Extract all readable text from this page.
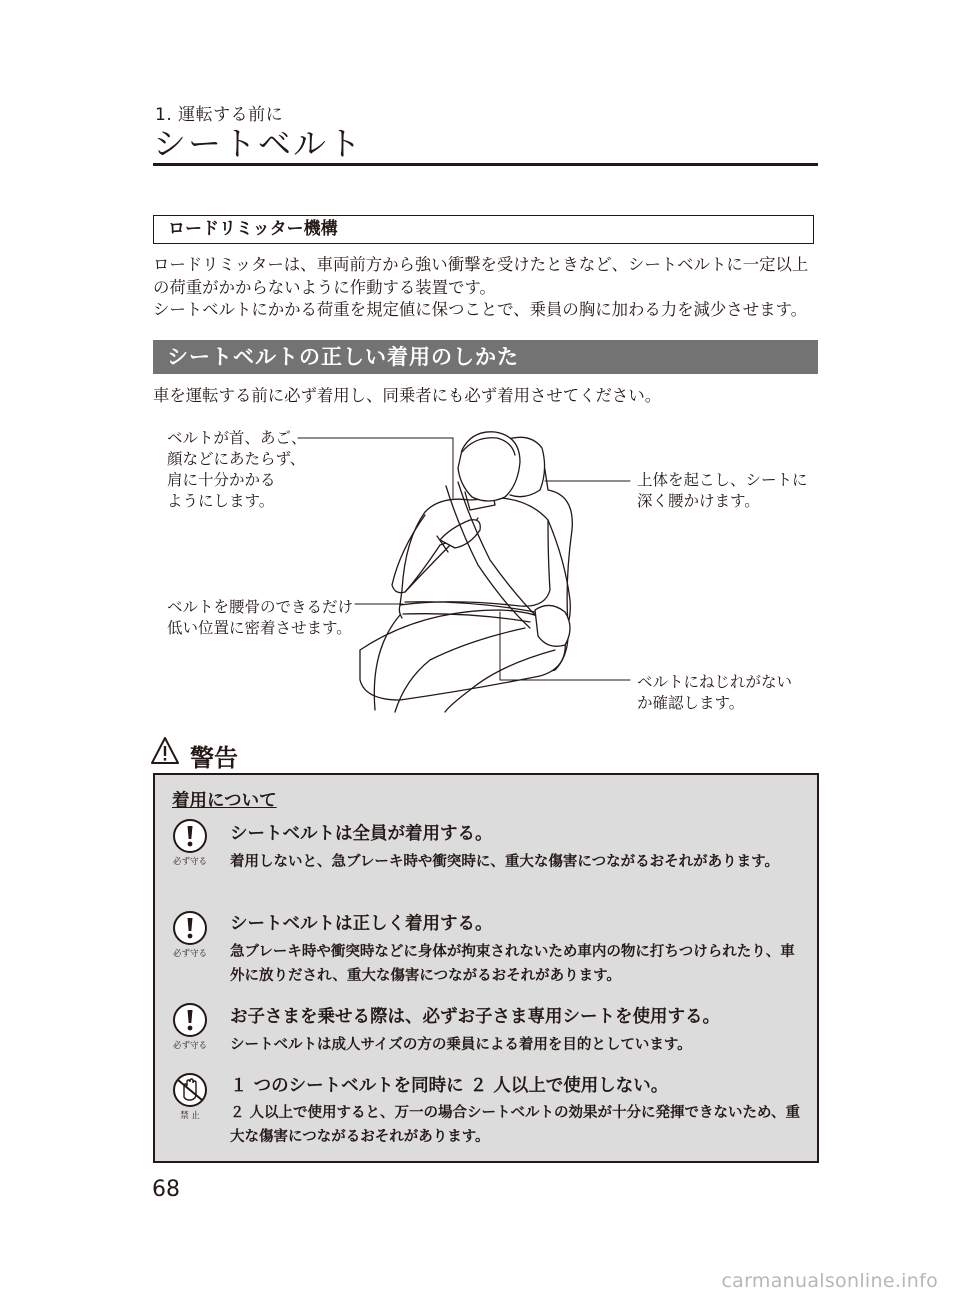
1. 運転する前に
シートベルト
ロードリミッター機構
ロードリミッターは、車両前方から強い衝撃を受けたときなど、シートベルトに一定以上
の荷重がかからないように作動する装置です。
シートベルトにかかる荷重を規定値に保つことで、乗員の胸に加わる力を減少させます。
シートベルトの正しい着用のしかた
車を運転する前に必ず着用し、同乗者にも必ず着用させてください。
ベルトが首、あご、
顔などにあたらず、
肩に十分かかる
ようにします。
上体を起こし、シートに
深く腰かけます。
ベルトを腰骨のできるだけ
低い位置に密着させます。
ベルトにねじれがない
か確認します。
警告
着用について
必ず守る
シートベルトは全員が着用する。
着用しないと、急ブレーキ時や衝突時に、重大な傷害につながるおそれがあります。
必ず守る
シートベルトは正しく着用する。
急ブレーキ時や衝突時などに身体が拘束されないため車内の物に打ちつけられたり、車外に放りだされ、重大な傷害につながるおそれがあります。
必ず守る
お子さまを乗せる際は、必ずお子さま専用シートを使用する。
シートベルトは成人サイズの方の乗員による着用を目的としています。
禁 止
１ つのシートベルトを同時に ２ 人以上で使用しない。
２ 人以上で使用すると、万一の場合シートベルトの効果が十分に発揮できないため、重大な傷害につながるおそれがあります。
68
carmanualsonline.info
